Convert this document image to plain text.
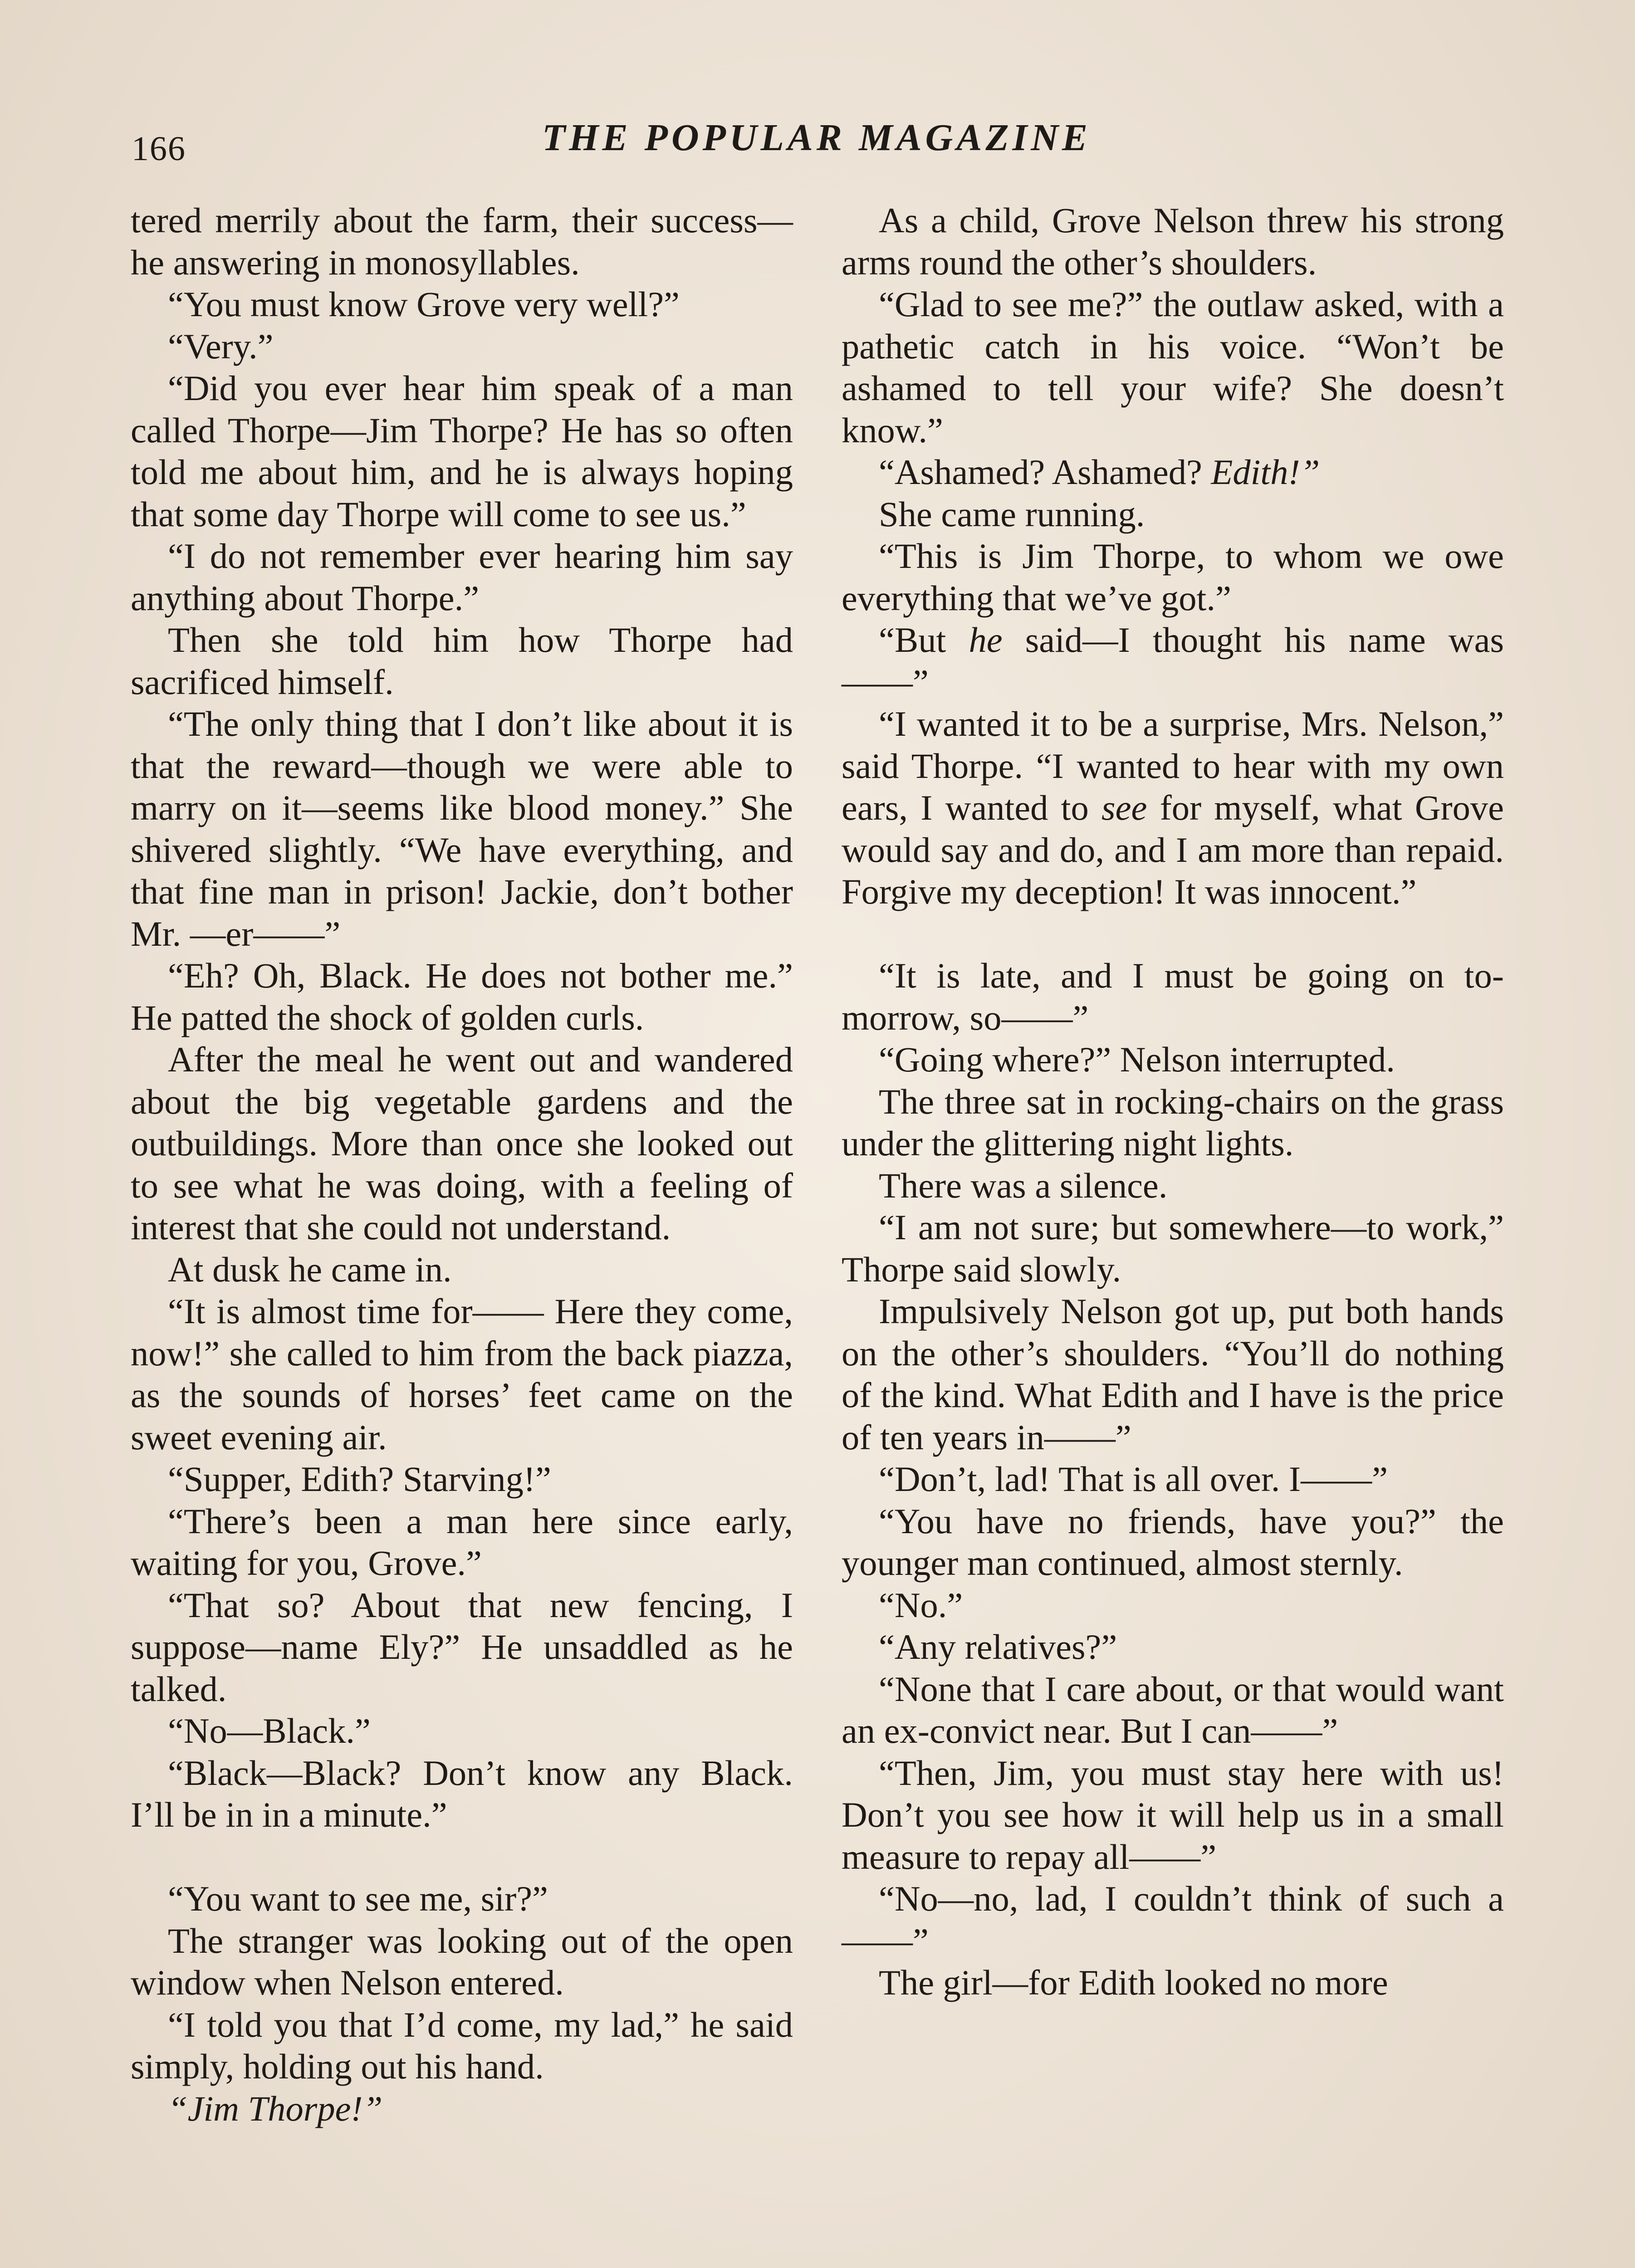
166	THE POPULAR MAGAZINE

tered merrily about the farm, their success—he answering in monosyllables.

“You must know Grove very well?”

“Very.”

“Did you ever hear him speak of a man called Thorpe—Jim Thorpe? He has so often told me about him, and he is always hoping that some day Thorpe will come to see us.”

“I do not remember ever hearing him say anything about Thorpe.”

Then she told him how Thorpe had sacrificed himself.

“The only thing that I don’t like about it is that the reward—though we were able to marry on it—seems like blood money.” She shivered slightly. “We have everything, and that fine man in prison! Jackie, don’t bother Mr. —er——”

“Eh? Oh, Black. He does not bother me.” He patted the shock of golden curls.

After the meal he went out and wandered about the big vegetable gardens and the outbuildings. More than once she looked out to see what he was doing, with a feeling of interest that she could not understand.

At dusk he came in.

“It is almost time for—— Here they come, now!” she called to him from the back piazza, as the sounds of horses’ feet came on the sweet evening air.

“Supper, Edith? Starving!”

“There’s been a man here since early, waiting for you, Grove.”

“That so? About that new fencing, I suppose—name Ely?” He unsaddled as he talked.

“No—Black.”

“Black—Black? Don’t know any Black. I’ll be in in a minute.”

“You want to see me, sir?”

The stranger was looking out of the open window when Nelson entered.

“I told you that I’d come, my lad,” he said simply, holding out his hand.

“Jim Thorpe!”

As a child, Grove Nelson threw his strong arms round the other’s shoulders.

“Glad to see me?” the outlaw asked, with a pathetic catch in his voice. “Won’t be ashamed to tell your wife? She doesn’t know.”

“Ashamed? Ashamed? Edith!”

She came running.

“This is Jim Thorpe, to whom we owe everything that we’ve got.”

“But he said—I thought his name was——”

“I wanted it to be a surprise, Mrs. Nelson,” said Thorpe. “I wanted to hear with my own ears, I wanted to see for myself, what Grove would say and do, and I am more than repaid. Forgive my deception! It was innocent.”

“It is late, and I must be going on to-morrow, so——”

“Going where?” Nelson interrupted.

The three sat in rocking-chairs on the grass under the glittering night lights.

There was a silence.

“I am not sure; but somewhere—to work,” Thorpe said slowly.

Impulsively Nelson got up, put both hands on the other’s shoulders. “You’ll do nothing of the kind. What Edith and I have is the price of ten years in——”

“Don’t, lad! That is all over. I——”

“You have no friends, have you?” the younger man continued, almost sternly.

“No.”

“Any relatives?”

“None that I care about, or that would want an ex-convict near. But I can——”

“Then, Jim, you must stay here with us! Don’t you see how it will help us in a small measure to repay all——”

“No—no, lad, I couldn’t think of such a——”

The girl—for Edith looked no more
